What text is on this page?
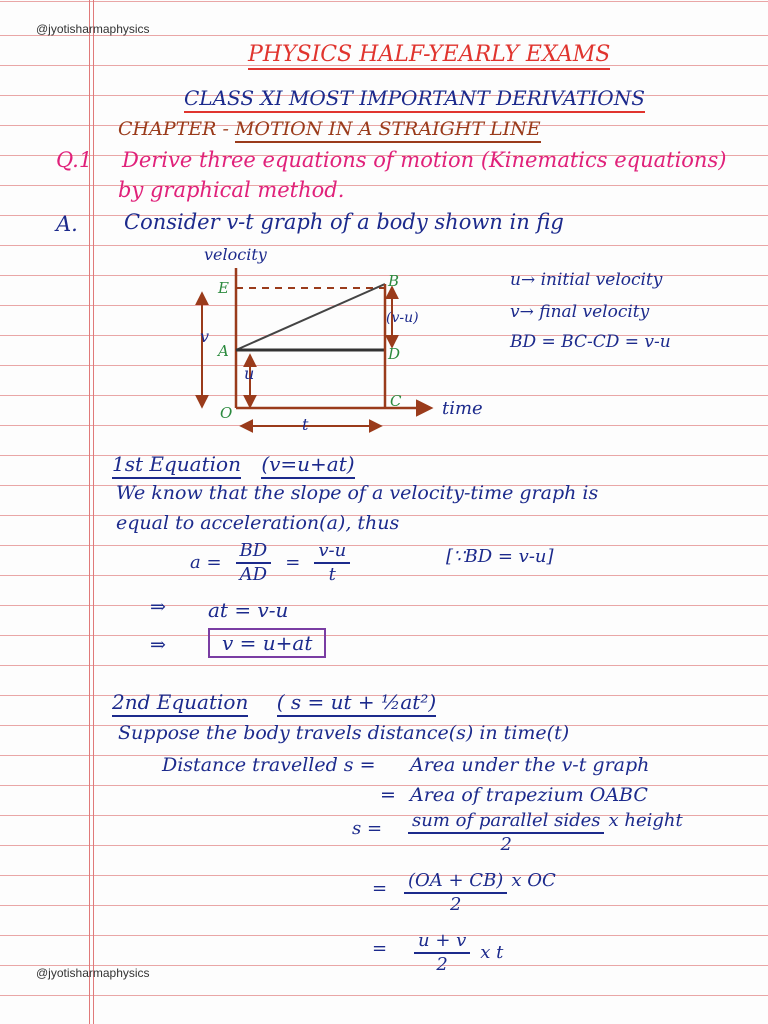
@jyotisharmaphysics
PHYSICS HALF-YEARLY EXAMS
CLASS XI MOST IMPORTANT DERIVATIONS
CHAPTER - MOTION IN A STRAIGHT LINE
Q.1 Derive three equations of motion (Kinematics equations)
by graphical method.
A. Consider v-t graph of a body shown in fig
velocity
time
v
u
(v-u)
t
E
A
O
B
D
C
u→ initial velocity
v→ final velocity
BD = BC-CD = v-u
1st Equation (v=u+at)
We know that the slope of a velocity-time graph is
equal to acceleration(a), thus
$a = \frac{BD}{AD} = \frac{v-u}{t}$	[∵BD = v-u]
⇒ at = v-u
⇒	v = u+at
2nd Equation ( s = ut + ½at²)
Suppose the body travels distance(s) in time(t)
Distance travelled s = Area under the v-t graph
= Area of trapezium OABC
$s = \frac{\text{sum of parallel sides}}{2}$ x height
= $\frac{(OA + CB)}{2}$ x OC
= $\frac{u + v}{2}$ x t
@jyotisharmaphysics
